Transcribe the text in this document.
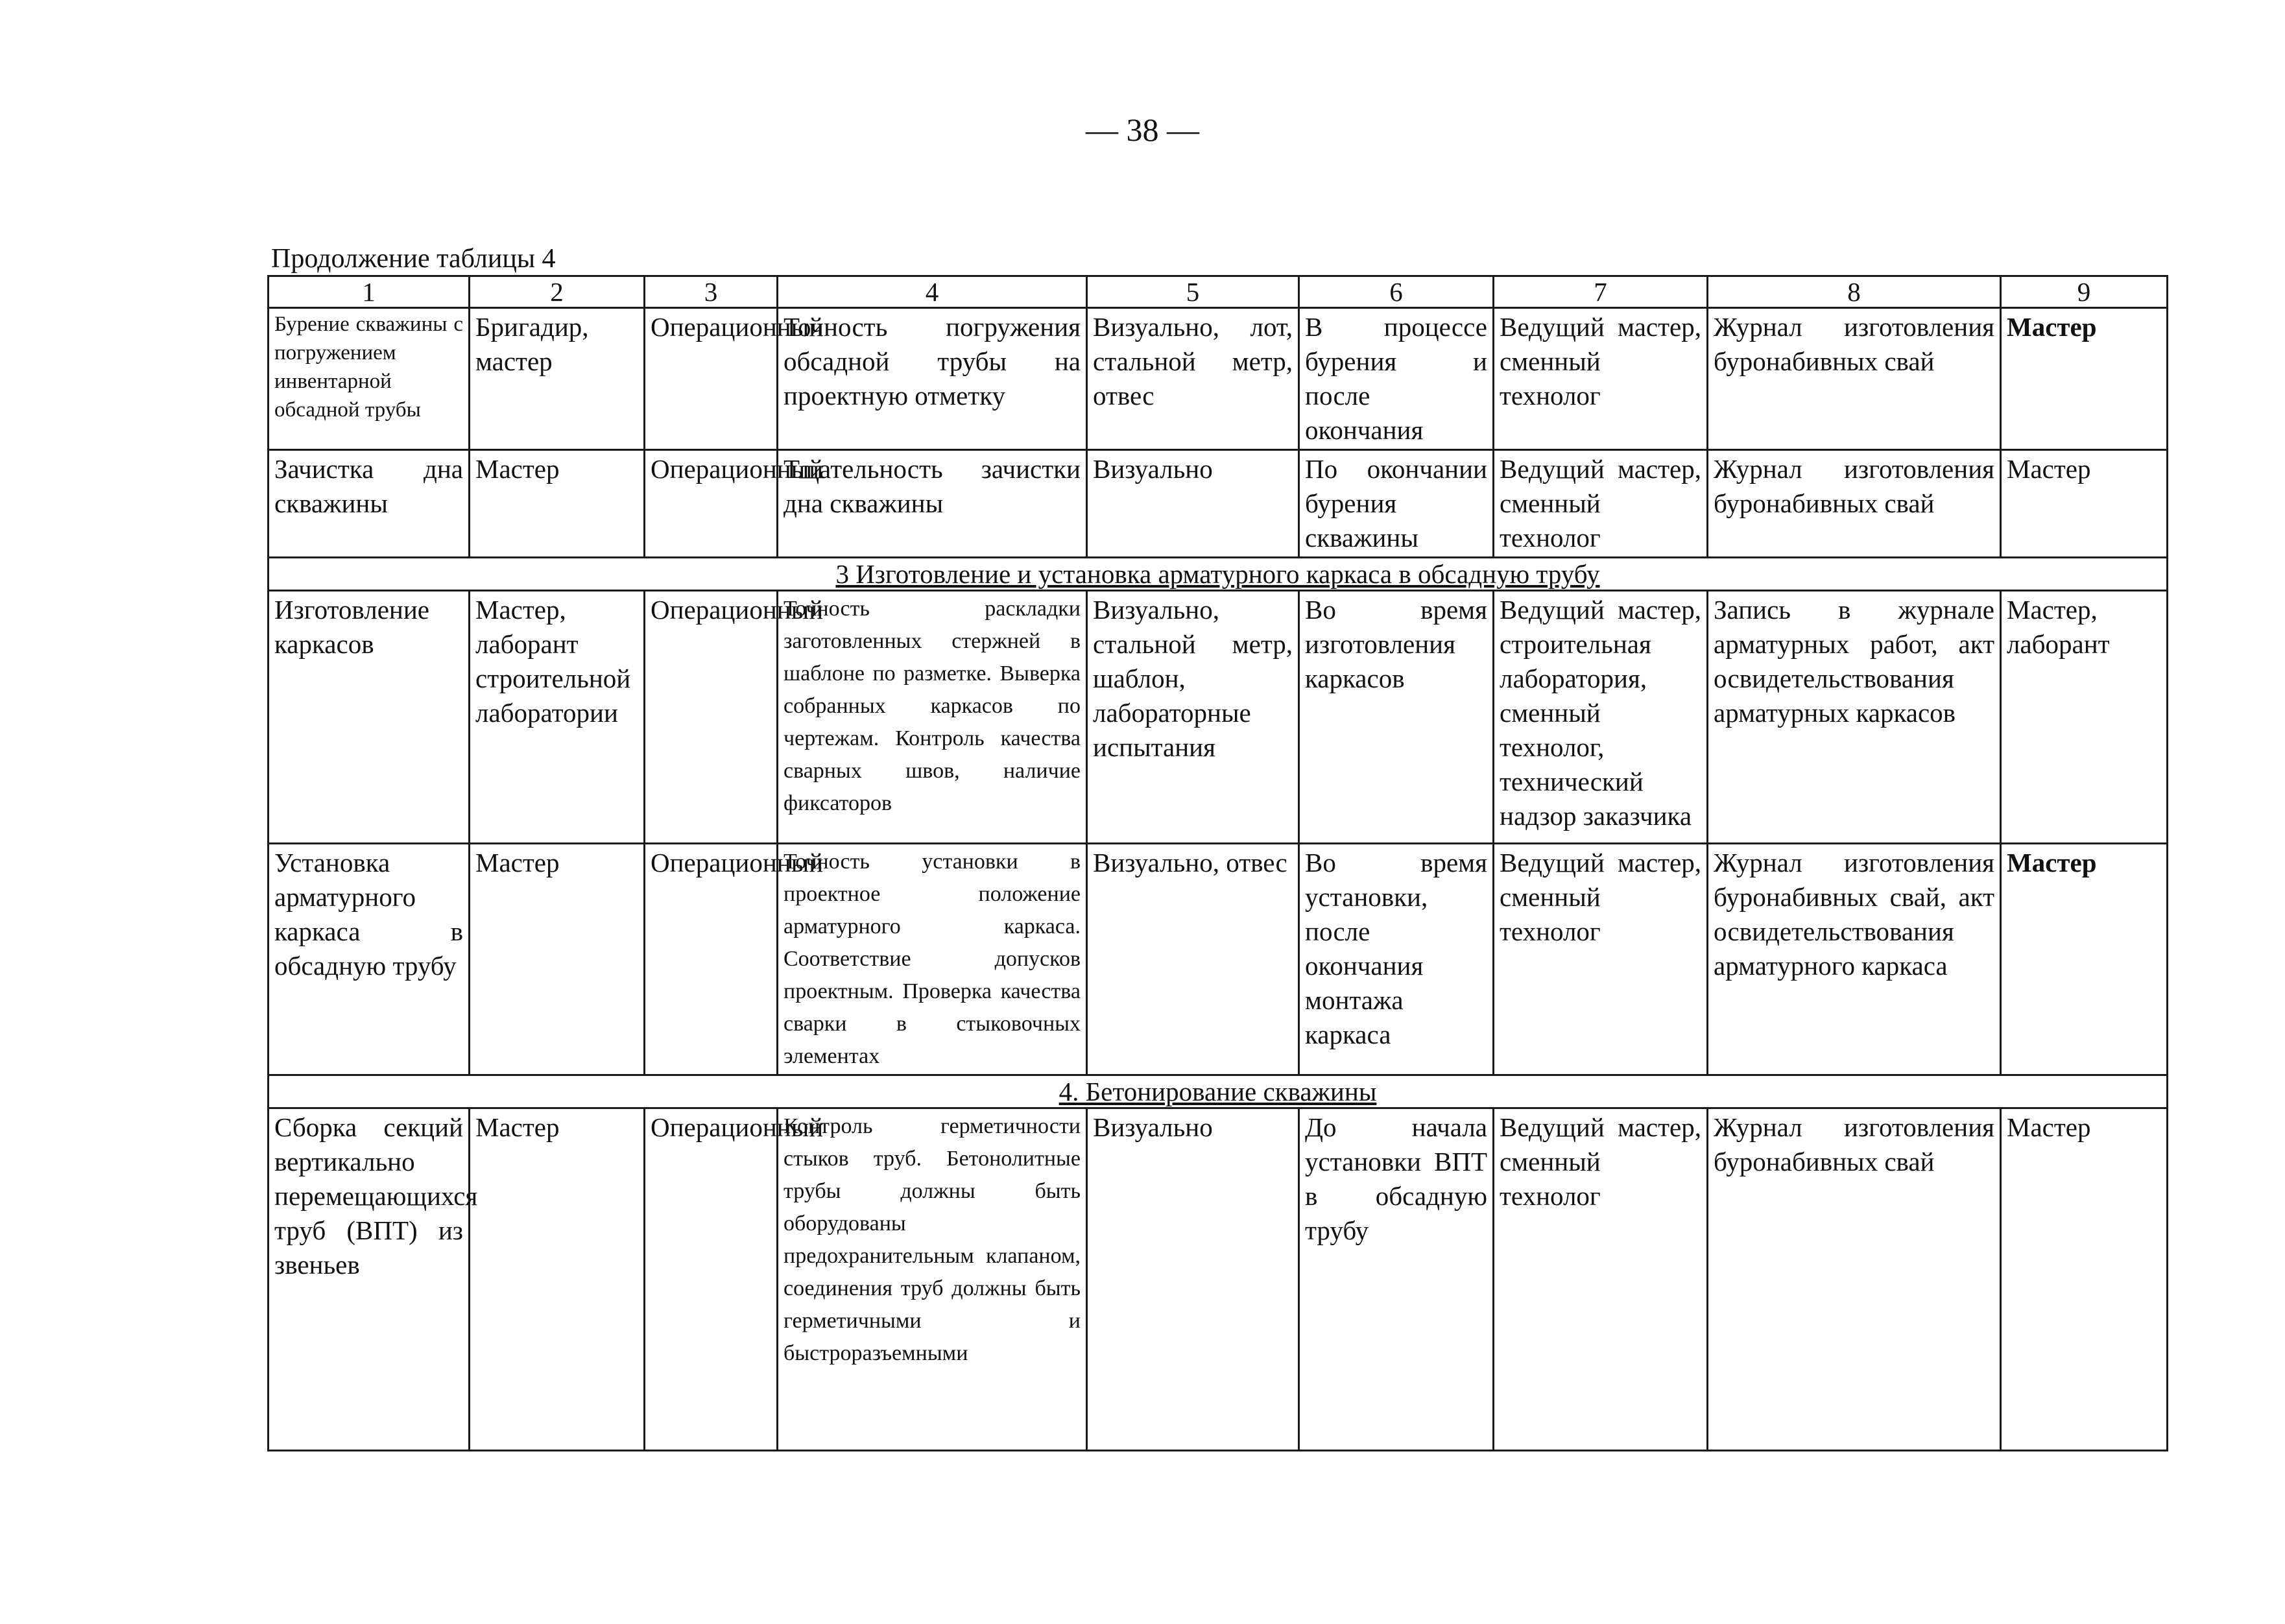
— 38 —
Продолжение таблицы 4
1	2	3	4	5	6	7	8	9
Бурение скважины с погружением инвентарной обсадной трубы	Бригадир, мастер	Операционный	Точность погружения обсадной трубы на проектную отметку	Визуально, лот, стальной метр, отвес	В процессе бурения и после окончания	Ведущий мастер, сменный технолог	Журнал изготовления буронабивных свай	Мастер
Зачистка дна скважины	Мастер	Операционный	Тщательность зачистки дна скважины	Визуально	По окончании бурения скважины	Ведущий мастер, сменный технолог	Журнал изготовления буронабивных свай	Мастер
3 Изготовление и установка арматурного каркаса в обсадную трубу								
Изготовление каркасов	Мастер, лаборант строительной лаборатории	Операционный	Точность раскладки заготовленных стержней в шаблоне по разметке. Выверка собранных каркасов по чертежам. Контроль качества сварных швов, наличие фиксаторов	Визуально, стальной метр, шаблон, лабораторные испытания	Во время изготовления каркасов	Ведущий мастер, строительная лаборатория, сменный технолог, технический надзор заказчика	Запись в журнале арматурных работ, акт освидетельствования арматурных каркасов	Мастер, лаборант
Установка арматурного каркаса в обсадную трубу	Мастер	Операционный	Точность установки в проектное положение арматурного каркаса. Соответствие допусков проектным. Проверка качества сварки в стыковочных элементах	Визуально, отвес	Во время установки, после окончания монтажа каркаса	Ведущий мастер, сменный технолог	Журнал изготовления буронабивных свай, акт освидетельствования арматурного каркаса	Мастер
4. Бетонирование скважины								
Сборка секций вертикально перемещающихся труб (ВПТ) из звеньев	Мастер	Операционный	Контроль герметичности стыков труб. Бетонолитные трубы должны быть оборудованы предохранительным клапаном, соединения труб должны быть герметичными и быстроразъемными	Визуально	До начала установки ВПТ в обсадную трубу	Ведущий мастер, сменный технолог	Журнал изготовления буронабивных свай	Мастер
